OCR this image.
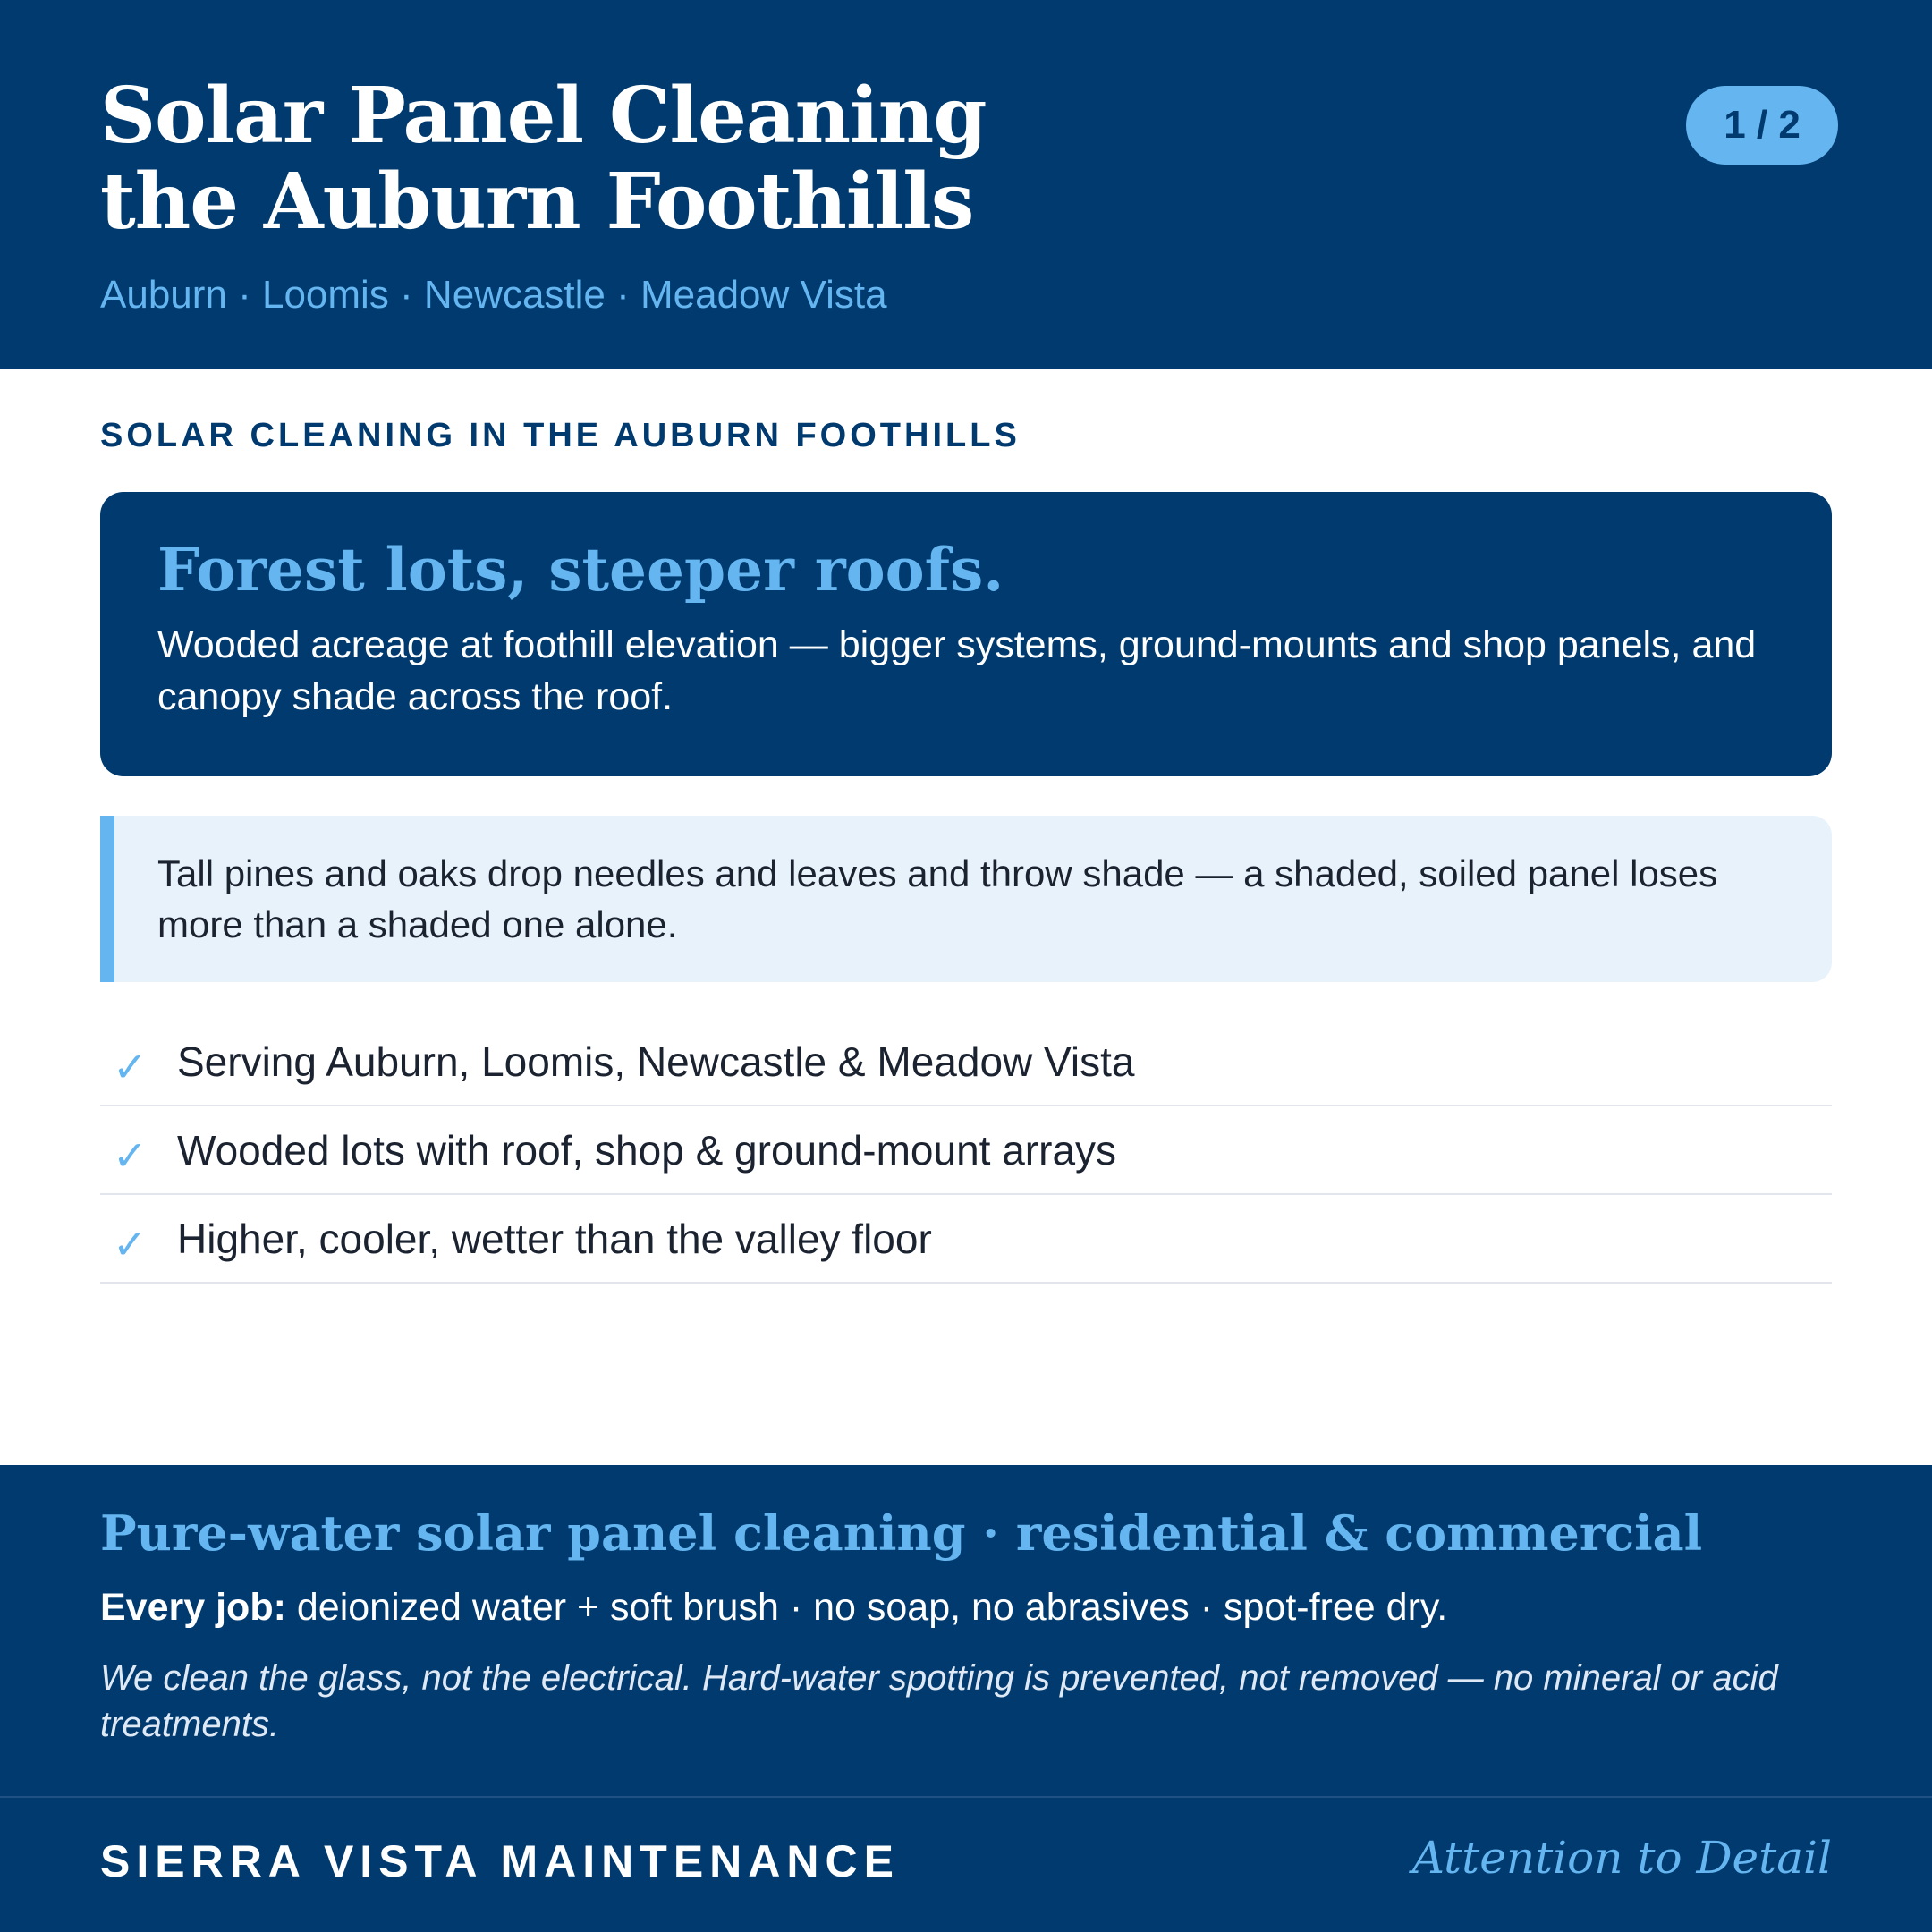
Solar Panel Cleaning
the Auburn Foothills
Auburn · Loomis · Newcastle · Meadow Vista
1 / 2
SOLAR CLEANING IN THE AUBURN FOOTHILLS
Forest lots, steeper roofs.

Wooded acreage at foothill elevation — bigger systems, ground-mounts and shop panels, and canopy shade across the roof.

Tall pines and oaks drop needles and leaves and throw shade — a shaded, soiled panel loses more than a shaded one alone.
✓ Serving Auburn, Loomis, Newcastle & Meadow Vista
✓ Wooded lots with roof, shop & ground-mount arrays
✓ Higher, cooler, wetter than the valley floor
Pure-water solar panel cleaning · residential & commercial
Every job: deionized water + soft brush · no soap, no abrasives · spot-free dry.
We clean the glass, not the electrical. Hard-water spotting is prevented, not removed — no mineral or acid treatments.
SIERRA VISTA MAINTENANCE	Attention to Detail
